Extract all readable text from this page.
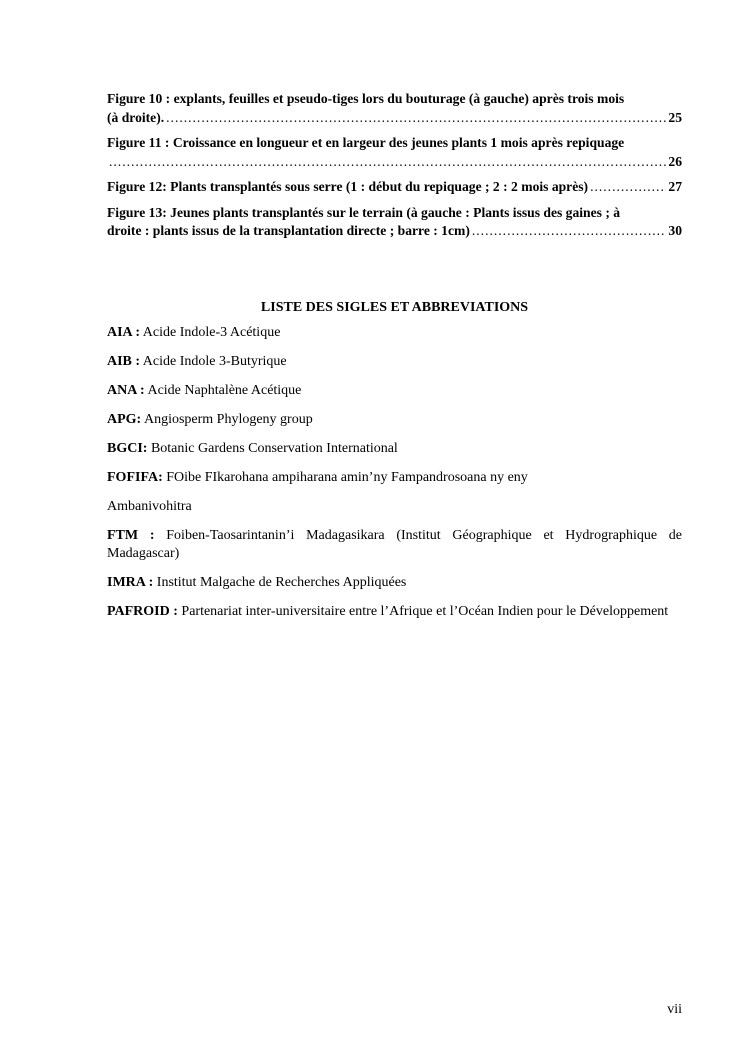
Figure 10 : explants, feuilles et pseudo-tiges lors du bouturage (à gauche) après trois mois
(à droite). .....	25
Figure 11 : Croissance en longueur et en largeur des jeunes plants 1 mois après repiquage
.....
26
Figure 12: Plants transplantés sous serre (1 : début du repiquage ; 2 : 2 mois après) .....	27
Figure 13: Jeunes plants transplantés sur le terrain (à gauche : Plants issus des gaines ; à
droite : plants issus de la transplantation directe ; barre : 1cm) .....	30
LISTE DES SIGLES ET ABBREVIATIONS
AIA : Acide Indole-3 Acétique
AIB : Acide Indole 3-Butyrique
ANA : Acide Naphtalène Acétique
APG: Angiosperm Phylogeny group
BGCI: Botanic Gardens Conservation International
FOFIFA: FOibe FIkarohana ampiharana amin’ny Fampandrosoana ny eny
Ambanivohitra
FTM : Foiben-Taosarintanin’i Madagasikara (Institut Géographique et Hydrographique de Madagascar)
IMRA : Institut Malgache de Recherches Appliquées
PAFROID : Partenariat inter-universitaire entre l’Afrique et l’Océan Indien pour le Développement
vii
